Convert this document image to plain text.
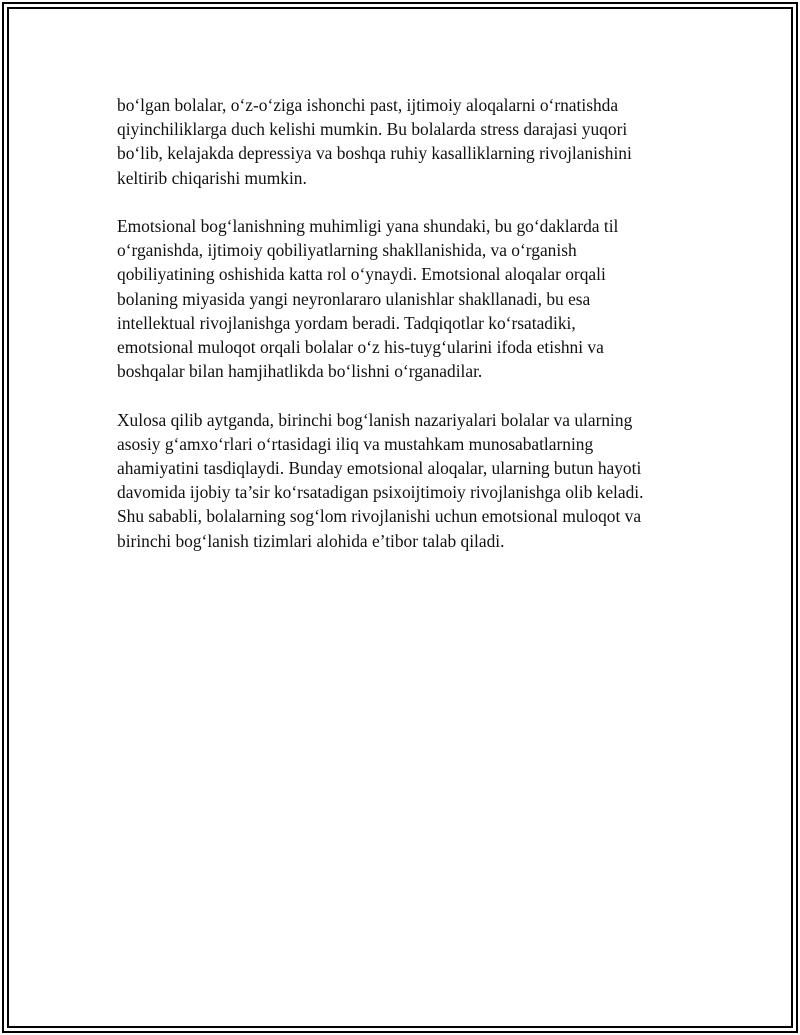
bo‘lgan bolalar, o‘z-o‘ziga ishonchi past, ijtimoiy aloqalarni o‘rnatishda
qiyinchiliklarga duch kelishi mumkin. Bu bolalarda stress darajasi yuqori
bo‘lib, kelajakda depressiya va boshqa ruhiy kasalliklarning rivojlanishini
keltirib chiqarishi mumkin.

Emotsional bog‘lanishning muhimligi yana shundaki, bu go‘daklarda til
o‘rganishda, ijtimoiy qobiliyatlarning shakllanishida, va o‘rganish
qobiliyatining oshishida katta rol o‘ynaydi. Emotsional aloqalar orqali
bolaning miyasida yangi neyronlararo ulanishlar shakllanadi, bu esa
intellektual rivojlanishga yordam beradi. Tadqiqotlar ko‘rsatadiki,
emotsional muloqot orqali bolalar o‘z his-tuyg‘ularini ifoda etishni va
boshqalar bilan hamjihatlikda bo‘lishni o‘rganadilar.

Xulosa qilib aytganda, birinchi bog‘lanish nazariyalari bolalar va ularning
asosiy g‘amxo‘rlari o‘rtasidagi iliq va mustahkam munosabatlarning
ahamiyatini tasdiqlaydi. Bunday emotsional aloqalar, ularning butun hayoti
davomida ijobiy ta’sir ko‘rsatadigan psixoijtimoiy rivojlanishga olib keladi.
Shu sababli, bolalarning sog‘lom rivojlanishi uchun emotsional muloqot va
birinchi bog‘lanish tizimlari alohida e’tibor talab qiladi.
